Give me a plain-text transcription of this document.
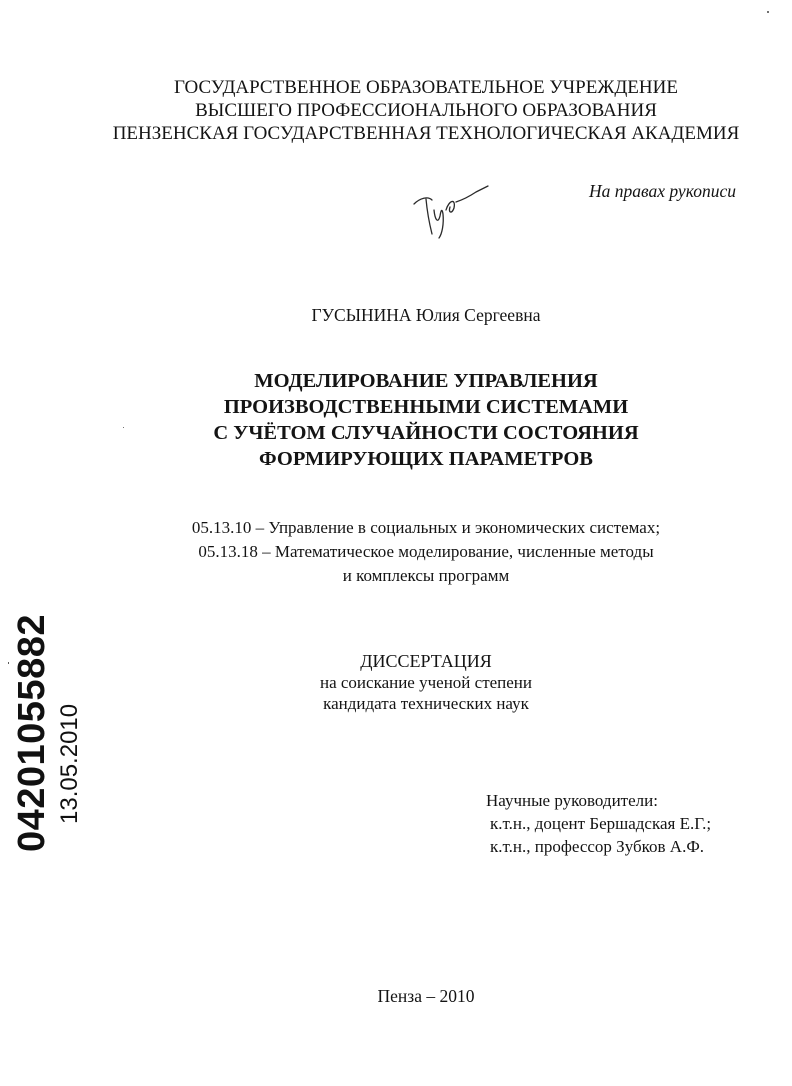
ГОСУДАРСТВЕННОЕ ОБРАЗОВАТЕЛЬНОЕ УЧРЕЖДЕНИЕ
ВЫСШЕГО ПРОФЕССИОНАЛЬНОГО ОБРАЗОВАНИЯ
ПЕНЗЕНСКАЯ ГОСУДАРСТВЕННАЯ ТЕХНОЛОГИЧЕСКАЯ АКАДЕМИЯ
На правах рукописи
ГУСЫНИНА Юлия Сергеевна
МОДЕЛИРОВАНИЕ УПРАВЛЕНИЯ
ПРОИЗВОДСТВЕННЫМИ СИСТЕМАМИ
С УЧЁТОМ СЛУЧАЙНОСТИ СОСТОЯНИЯ
ФОРМИРУЮЩИХ ПАРАМЕТРОВ
05.13.10 – Управление в социальных и экономических системах;
05.13.18 – Математическое моделирование, численные методы
и комплексы программ
ДИССЕРТАЦИЯ
на соискание ученой степени
кандидата технических наук
Научные руководители:
к.т.н., доцент Бершадская Е.Г.;
к.т.н., профессор Зубков А.Ф.
Пенза – 2010
04201055882 13.05.2010
